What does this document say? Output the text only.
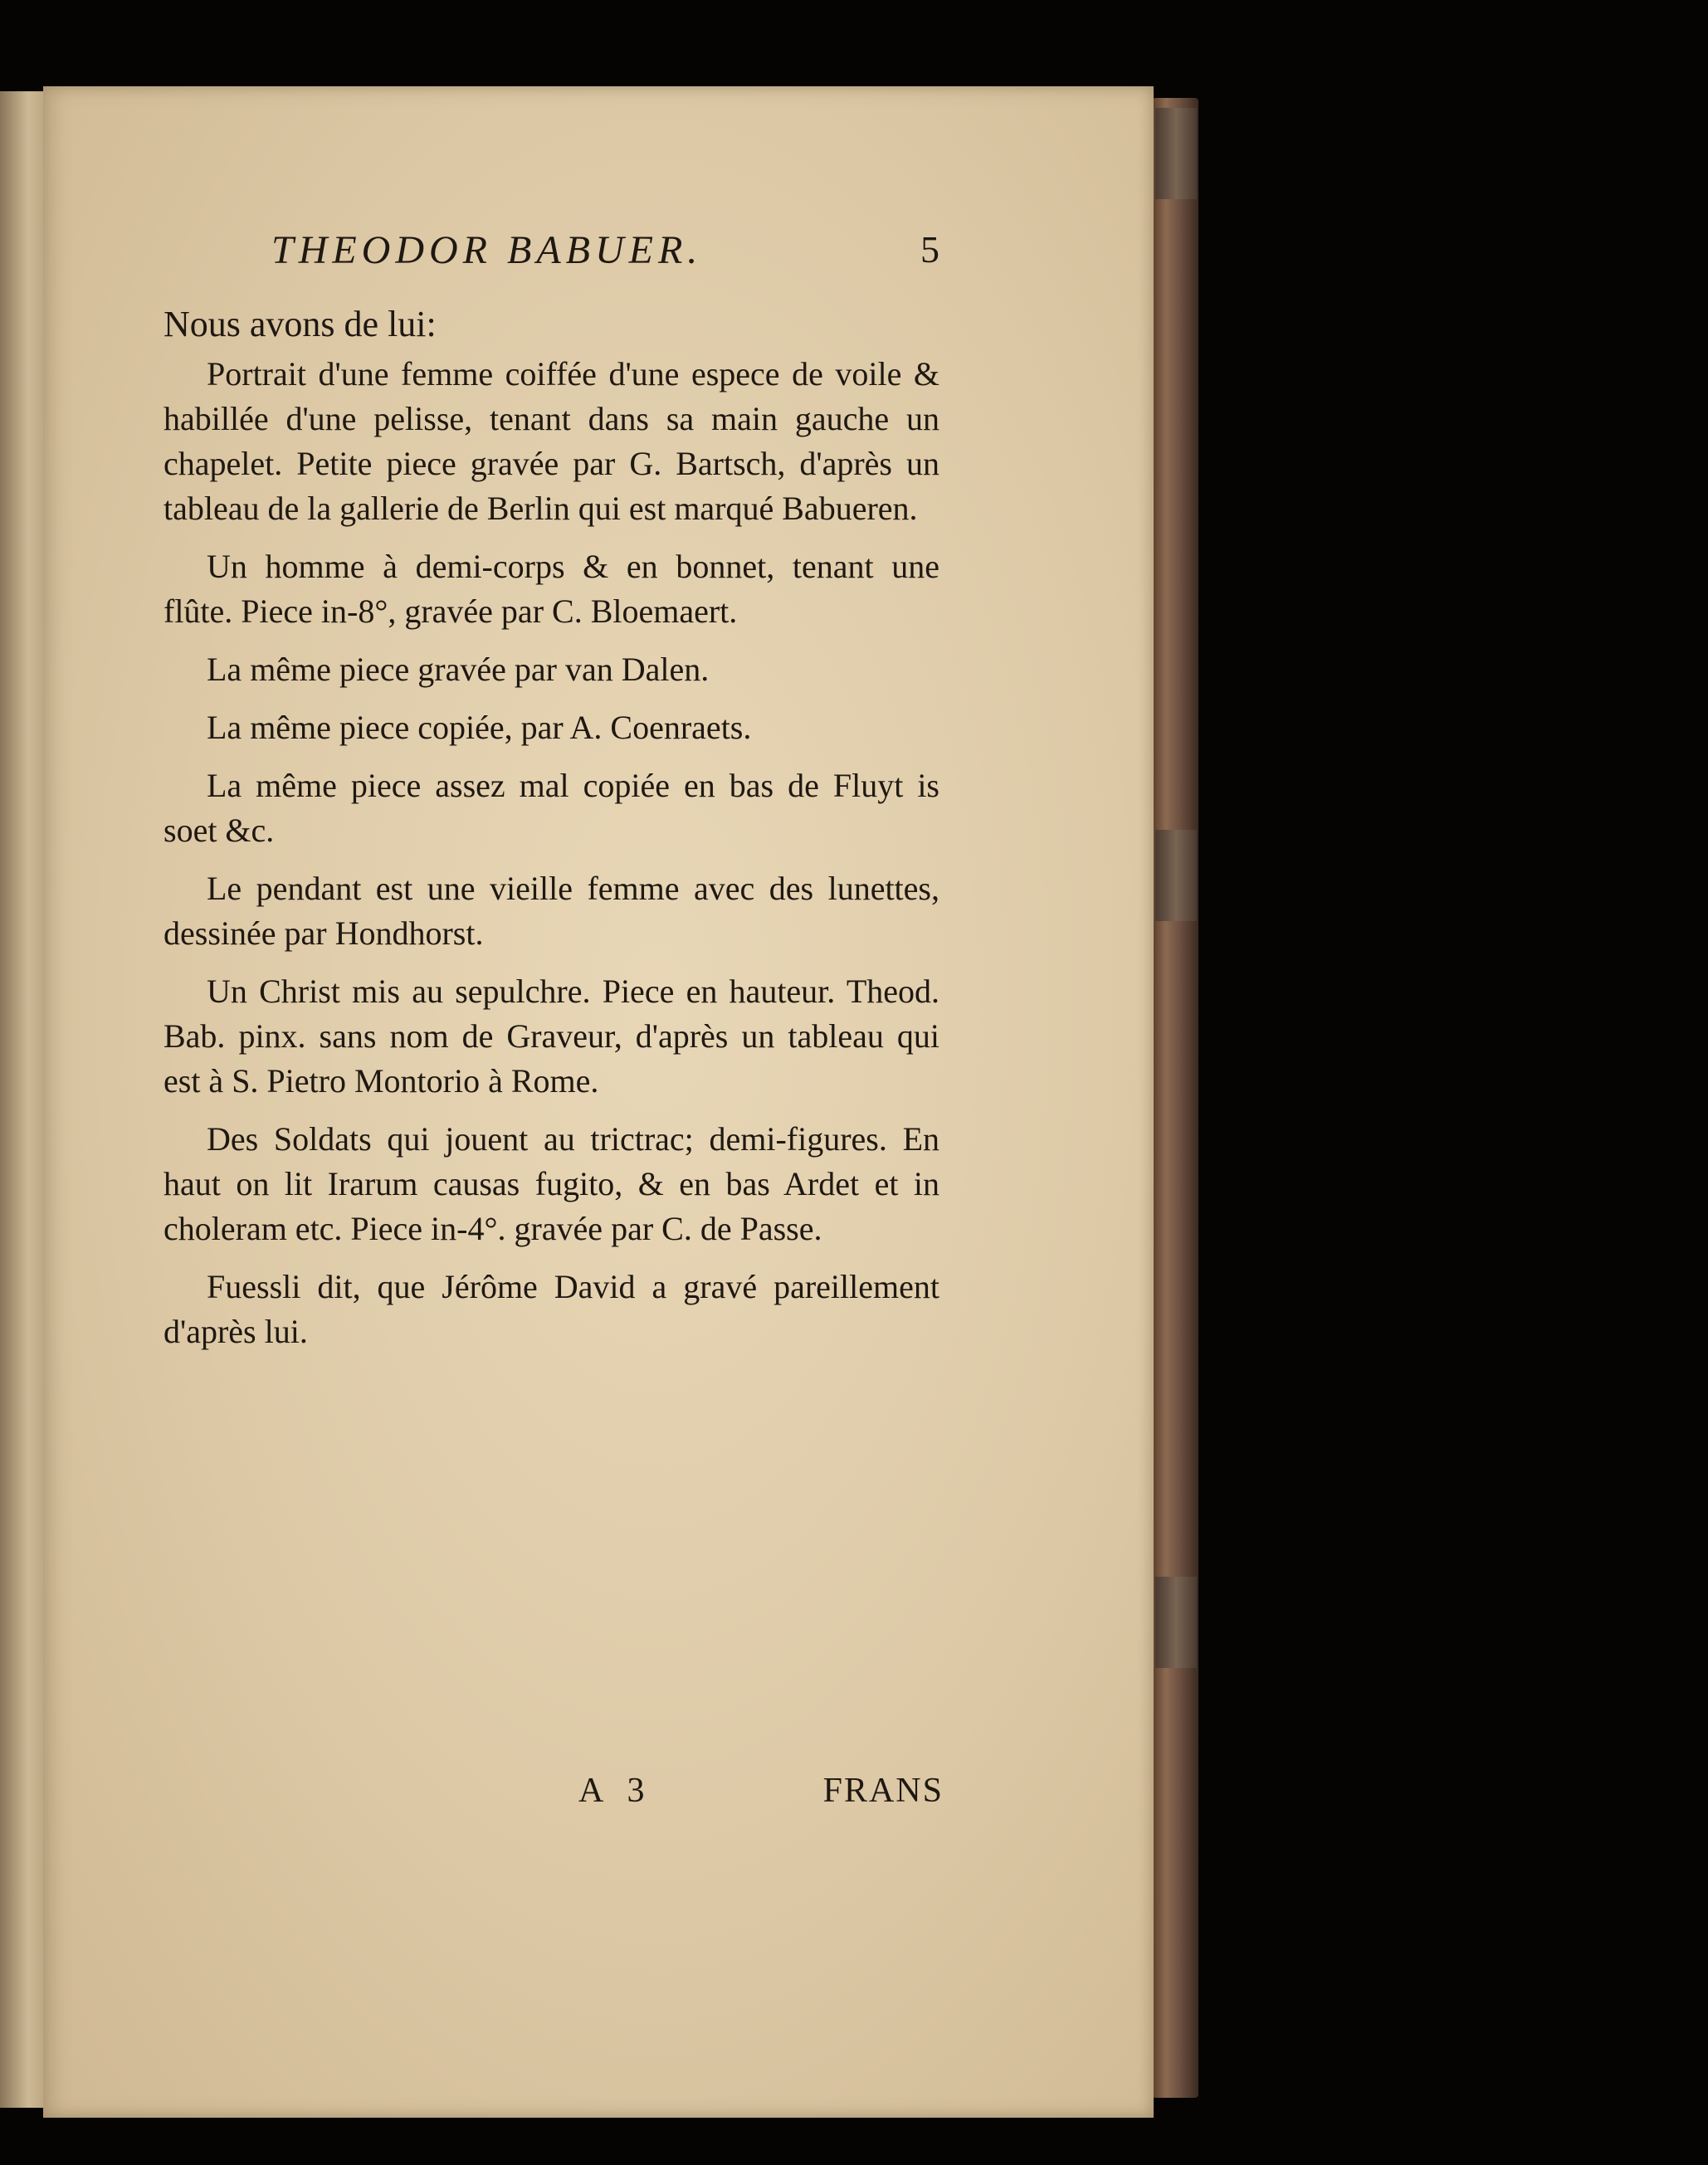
THEODOR BABUER.	5

Nous avons de lui:

Portrait d'une femme coiffée d'une espece de voile & habillée d'une pelisse, tenant dans sa main gauche un chapelet. Petite piece gravée par G. Bartsch, d'après un tableau de la gallerie de Berlin qui est marqué Babueren.

Un homme à demi-corps & en bonnet, tenant une flûte. Piece in-8°, gravée par C. Bloemaert.

La même piece gravée par van Dalen.

La même piece copiée, par A. Coenraets.

La même piece assez mal copiée en bas de Fluyt is soet &c.

Le pendant est une vieille femme avec des lunettes, dessinée par Hondhorst.

Un Christ mis au sepulchre. Piece en hauteur. Theod. Bab. pinx. sans nom de Graveur, d'après un tableau qui est à S. Pietro Montorio à Rome.

Des Soldats qui jouent au trictrac; demi-figures. En haut on lit Irarum causas fugito, & en bas Ardet et in choleram etc. Piece in-4°. gravée par C. de Passe.

Fuessli dit, que Jérôme David a gravé pareillement d'après lui.

A 3	FRANS
